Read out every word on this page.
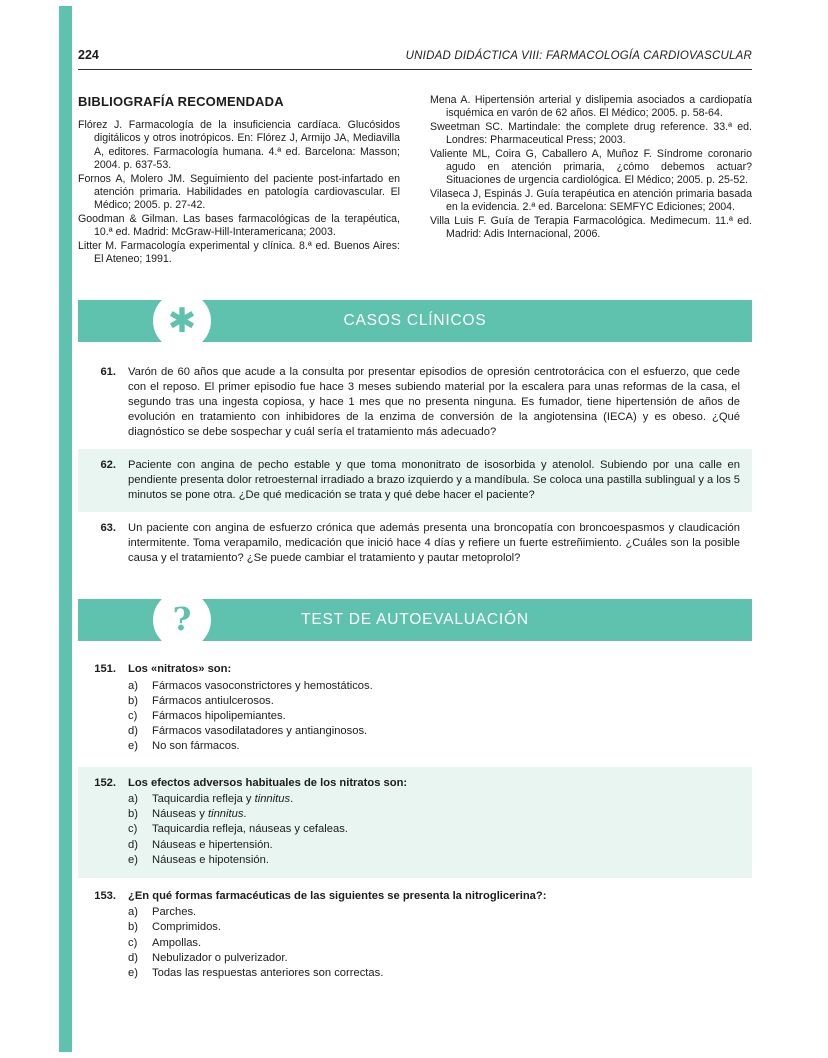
224	UNIDAD DIDÁCTICA VIII: FARMACOLOGÍA CARDIOVASCULAR
BIBLIOGRAFÍA RECOMENDADA

Flórez J. Farmacología de la insuficiencia cardíaca. Glucósidos digitálicos y otros inotrópicos. En: Flórez J, Armijo JA, Mediavilla A, editores. Farmacología humana. 4.ª ed. Barcelona: Masson; 2004. p. 637-53.

Fornos A, Molero JM. Seguimiento del paciente post-infartado en atención primaria. Habilidades en patología cardiovascular. El Médico; 2005. p. 27-42.

Goodman & Gilman. Las bases farmacológicas de la terapéutica, 10.ª ed. Madrid: McGraw-Hill-Interamericana; 2003.

Litter M. Farmacología experimental y clínica. 8.ª ed. Buenos Aires: El Ateneo; 1991.

Mena A. Hipertensión arterial y dislipemia asociados a cardiopatía isquémica en varón de 62 años. El Médico; 2005. p. 58-64.

Sweetman SC. Martindale: the complete drug reference. 33.ª ed. Londres: Pharmaceutical Press; 2003.

Valiente ML, Coira G, Caballero A, Muñoz F. Síndrome coronario agudo en atención primaria, ¿cómo debemos actuar? Situaciones de urgencia cardiológica. El Médico; 2005. p. 25-52.

Vilaseca J, Espinás J. Guía terapéutica en atención primaria basada en la evidencia. 2.ª ed. Barcelona: SEMFYC Ediciones; 2004.

Villa Luis F. Guía de Terapia Farmacológica. Medimecum. 11.ª ed. Madrid: Adis Internacional, 2006.

✱	CASOS CLÍNICOS
61. Varón de 60 años que acude a la consulta por presentar episodios de opresión centrotorácica con el esfuerzo, que cede con el reposo. El primer episodio fue hace 3 meses subiendo material por la escalera para unas reformas de la casa, el segundo tras una ingesta copiosa, y hace 1 mes que no presenta ninguna. Es fumador, tiene hipertensión de años de evolución en tratamiento con inhibidores de la enzima de conversión de la angiotensina (IECA) y es obeso. ¿Qué diagnóstico se debe sospechar y cuál sería el tratamiento más adecuado?
62. Paciente con angina de pecho estable y que toma mononitrato de isosorbida y atenolol. Subiendo por una calle en pendiente presenta dolor retroesternal irradiado a brazo izquierdo y a mandíbula. Se coloca una pastilla sublingual y a los 5 minutos se pone otra. ¿De qué medicación se trata y qué debe hacer el paciente?
63. Un paciente con angina de esfuerzo crónica que además presenta una broncopatía con broncoespasmos y claudicación intermitente. Toma verapamilo, medicación que inició hace 4 días y refiere un fuerte estreñimiento. ¿Cuáles son la posible causa y el tratamiento? ¿Se puede cambiar el tratamiento y pautar metoprolol?
?	TEST DE AUTOEVALUACIÓN
151. Los «nitratos» son:
a)	Fármacos vasoconstrictores y hemostáticos.
b)	Fármacos antiulcerosos.
c)	Fármacos hipolipemiantes.
d)	Fármacos vasodilatadores y antianginosos.
e)	No son fármacos.
152. Los efectos adversos habituales de los nitratos son:
a)	Taquicardia refleja y tinnitus.
b)	Náuseas y tinnitus.
c)	Taquicardia refleja, náuseas y cefaleas.
d)	Náuseas e hipertensión.
e)	Náuseas e hipotensión.
153. ¿En qué formas farmacéuticas de las siguientes se presenta la nitroglicerina?:
a)	Parches.
b)	Comprimidos.
c)	Ampollas.
d)	Nebulizador o pulverizador.
e)	Todas las respuestas anteriores son correctas.
